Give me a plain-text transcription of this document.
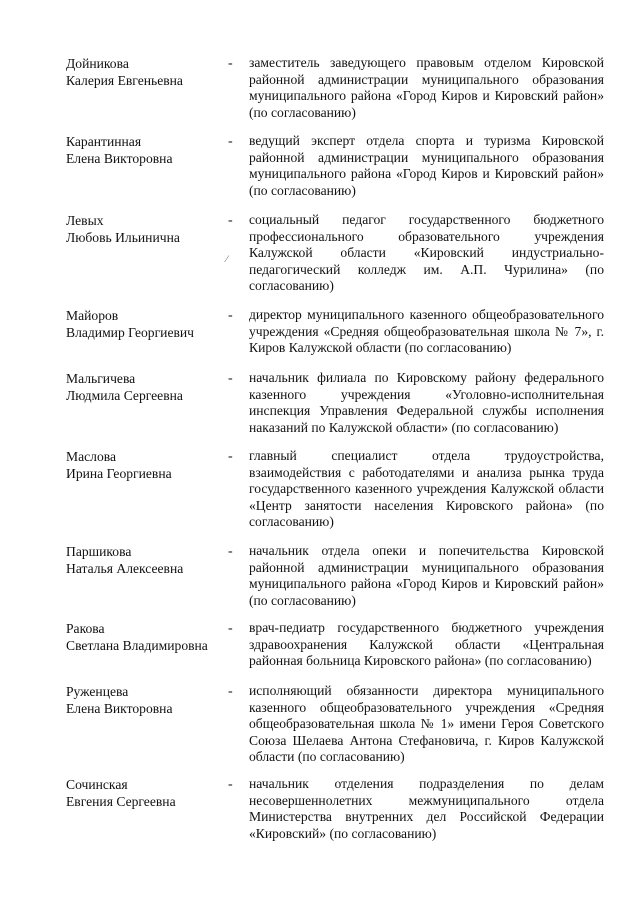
Дойникова
Калерия Евгеньевна
- заместитель заведующего правовым отделом Кировской районной администрации муниципального образования муниципального района «Город Киров и Кировский район» (по согласованию)
Карантинная
Елена Викторовна
- ведущий эксперт отдела спорта и туризма Кировской районной администрации муниципального образования муниципального района «Город Киров и Кировский район» (по согласованию)
Левых
Любовь Ильинична
-
⁄
социальный педагог государственного бюджетного профессионального образовательного учреждения Калужской области «Кировский индустриально-педагогический колледж им. А.П. Чурилина» (по согласованию)
Майоров
Владимир Георгиевич
- директор муниципального казенного общеобразовательного учреждения «Средняя общеобразовательная школа № 7», г. Киров Калужской области (по согласованию)
Мальгичева
Людмила Сергеевна
- начальник филиала по Кировскому району федерального казенного учреждения «Уголовно-исполнительная инспекция Управления Федеральной службы исполнения наказаний по Калужской области» (по согласованию)
Маслова
Ирина Георгиевна
- главный специалист отдела трудоустройства, взаимодействия с работодателями и анализа рынка труда государственного казенного учреждения Калужской области «Центр занятости населения Кировского района» (по согласованию)
Паршикова
Наталья Алексеевна
- начальник отдела опеки и попечительства Кировской районной администрации муниципального образования муниципального района «Город Киров и Кировский район» (по согласованию)
Ракова
Светлана Владимировна
- врач-педиатр государственного бюджетного учреждения здравоохранения Калужской области «Центральная районная больница Кировского района» (по согласованию)
Руженцева
Елена Викторовна
- исполняющий обязанности директора муниципального казенного общеобразовательного учреждения «Средняя общеобразовательная школа № 1» имени Героя Советского Союза Шелаева Антона Стефановича, г. Киров Калужской области (по согласованию)
Сочинская
Евгения Сергеевна
- начальник отделения подразделения по делам несовершеннолетних межмуниципального отдела Министерства внутренних дел Российской Федерации «Кировский» (по согласованию)
